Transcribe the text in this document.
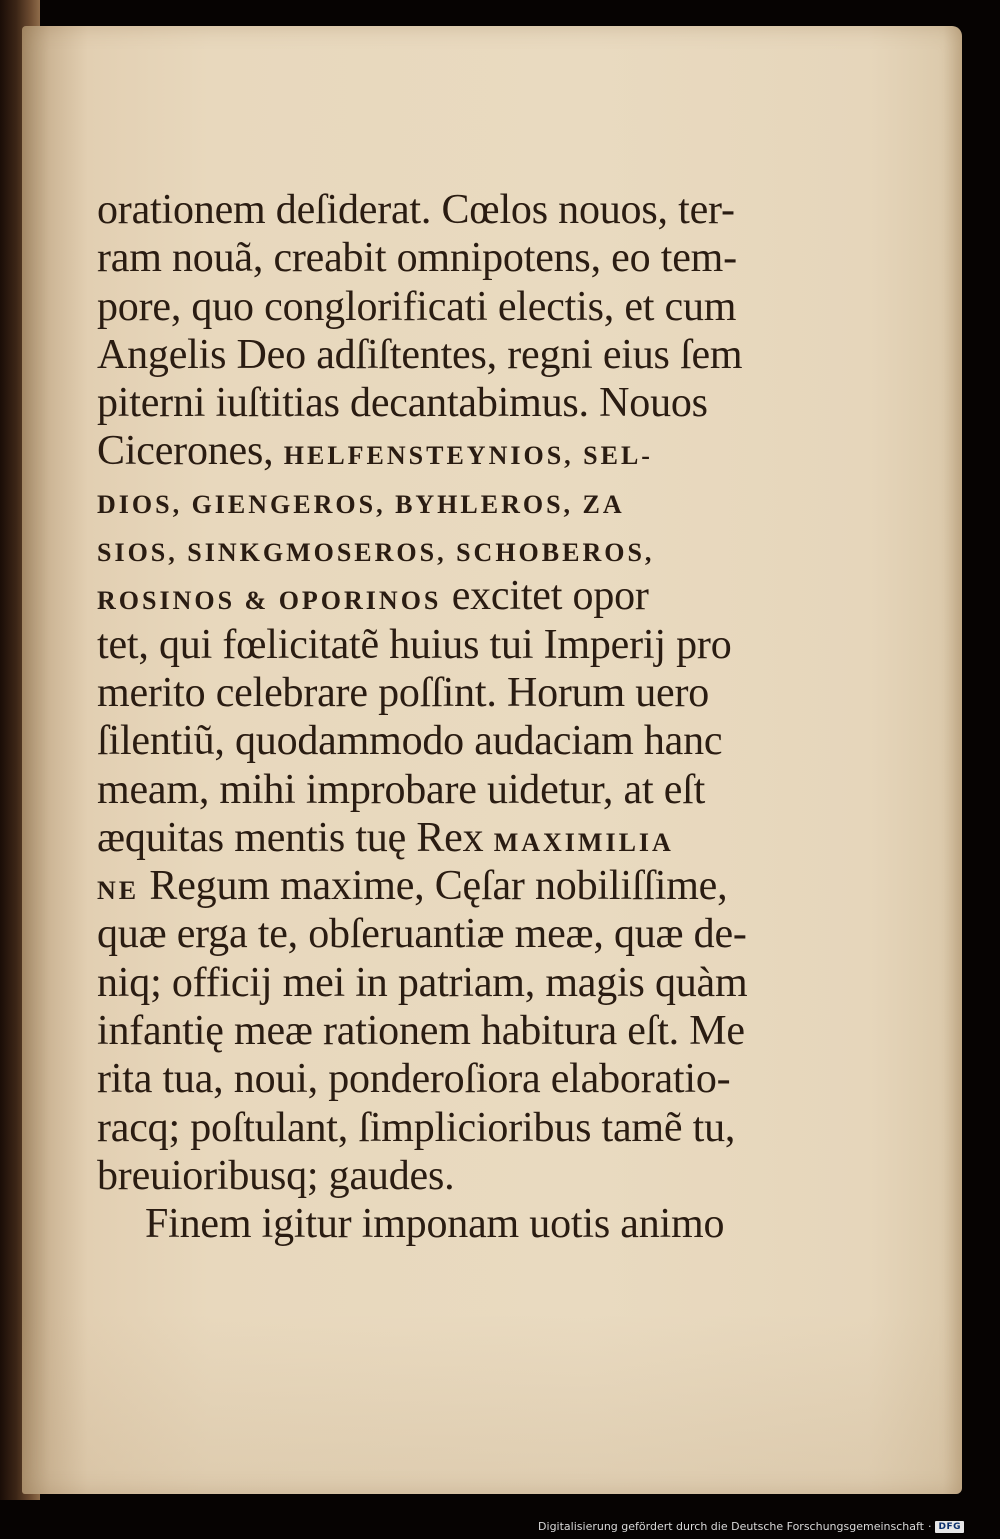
orationem deſiderat. Cœlos nouos, ter-
ram nouã, creabit omnipotens, eo tem-
pore, quo conglorificati electis, et cum
Angelis Deo adſiſtentes, regni eius ſem
piterni iuſtitias decantabimus. Nouos
Cicerones, HELFENSTEYNIOS, SEL-
DIOS, GIENGEROS, BYHLEROS, ZA
SIOS, SINKGMOSEROS, SCHOBEROS,
ROSINOS & OPORINOS excitet opor
tet, qui fœlicitatẽ huius tui Imperij pro
merito celebrare poſſint. Horum uero
ſilentiũ, quodammodo audaciam hanc
meam, mihi improbare uidetur, at eſt
æquitas mentis tuę Rex MAXIMILIA
NE Regum maxime, Cęſar nobiliſſime,
quæ erga te, obſeruantiæ meæ, quæ de-
niq; officij mei in patriam, magis quàm
infantię meæ rationem habitura eſt. Me
rita tua, noui, ponderoſiora elaboratio-
racq; poſtulant, ſimplicioribus tamẽ tu,
breuioribusq; gaudes.
Finem igitur imponam uotis animo
Digitalisierung gefördert durch die Deutsche Forschungsgemeinschaft · DFG
